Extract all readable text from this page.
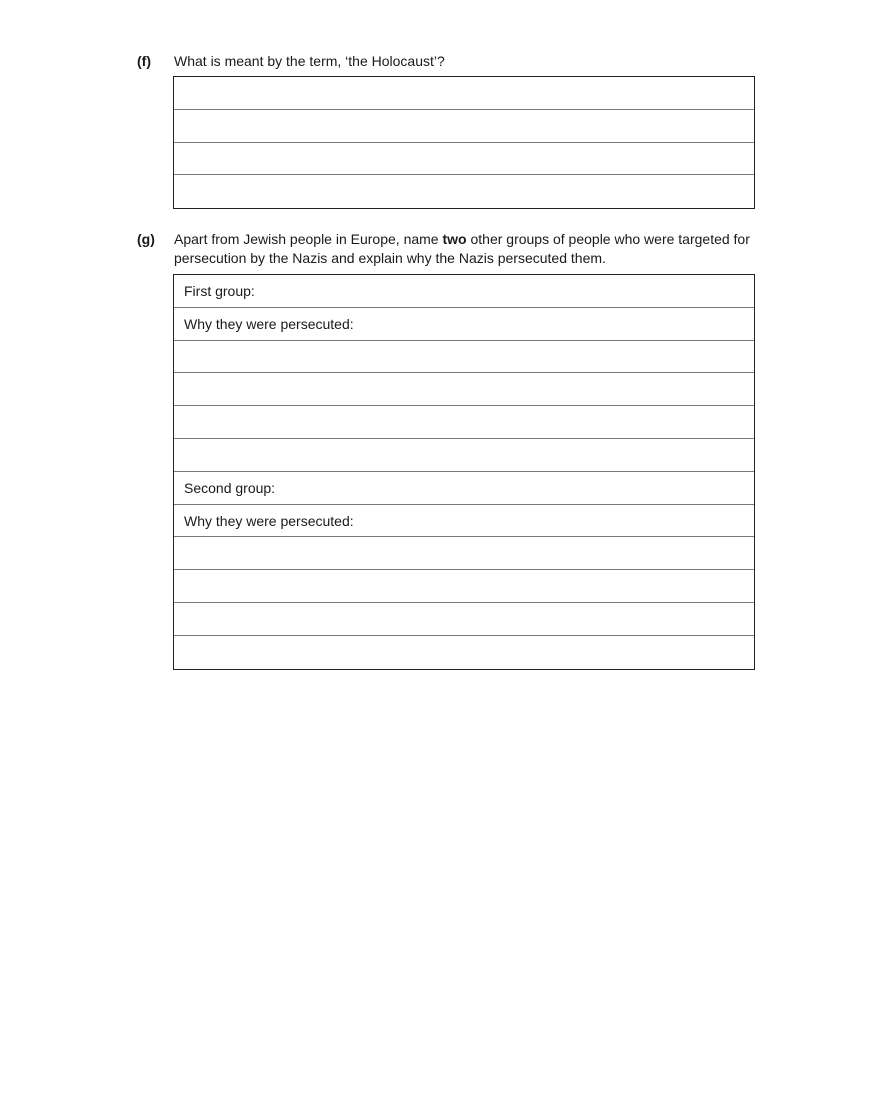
(f) What is meant by the term, ‘the Holocaust’?
(g) Apart from Jewish people in Europe, name two other groups of people who were targeted for persecution by the Nazis and explain why the Nazis persecuted them.
First group:
Why they were persecuted:
Second group:
Why they were persecuted:
